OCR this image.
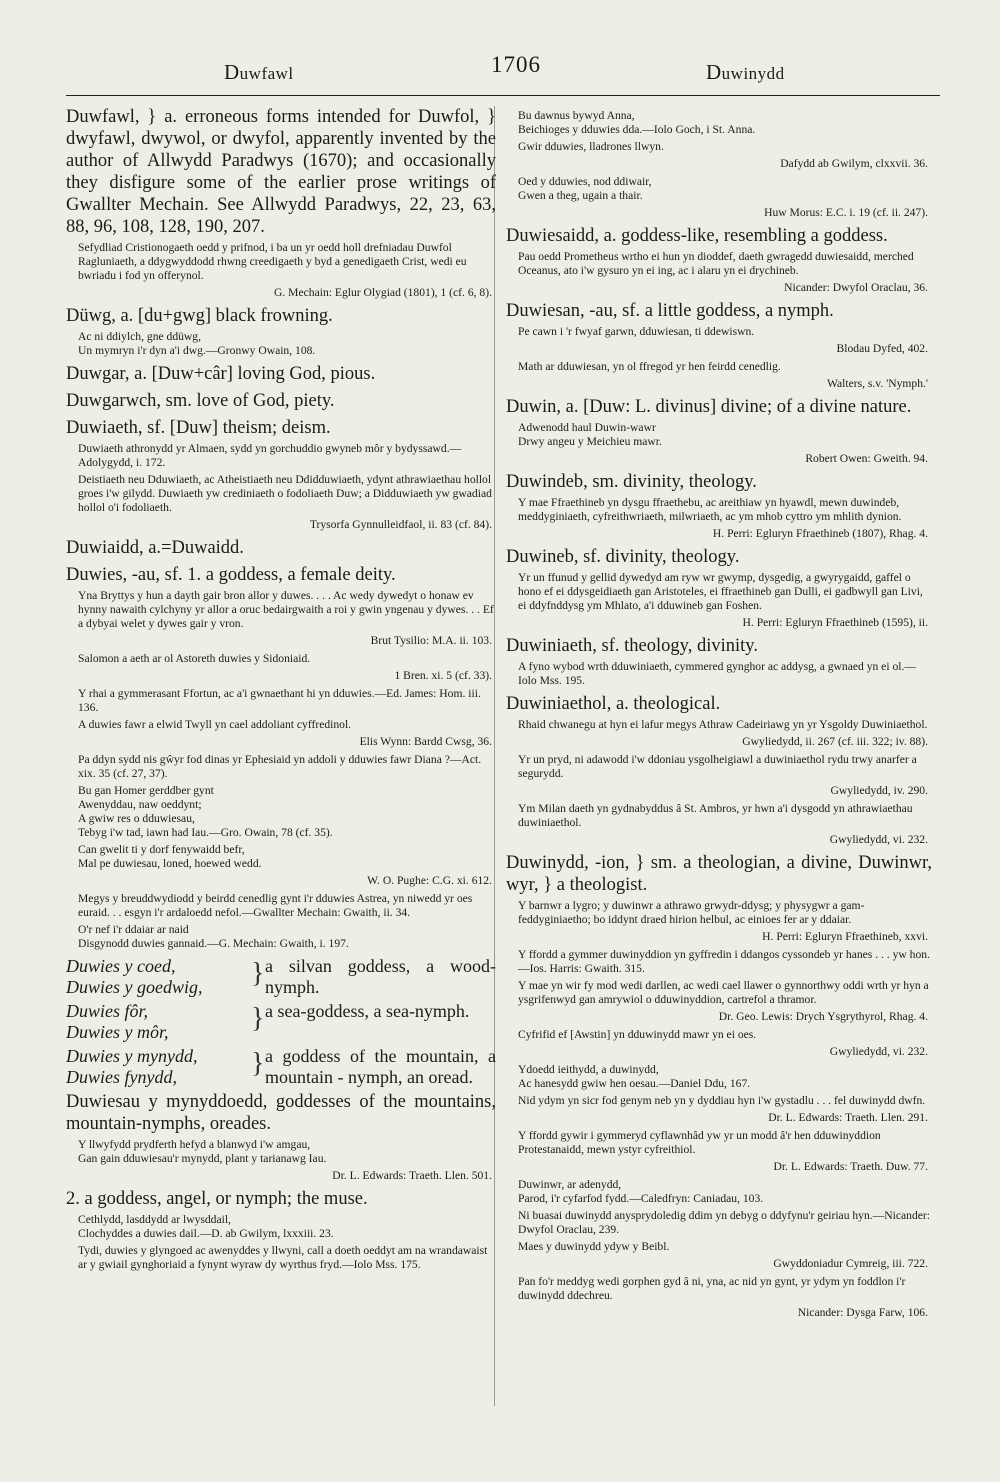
Duwfawl	1706	Duwinydd

Duwfawl, } a. erroneous forms intended for Duwfol, } dwyfawl, dwywol, or dwyfol, apparently invented by the author of Allwydd Paradwys (1670); and occasionally they disfigure some of the earlier prose writings of Gwallter Mechain. See Allwydd Paradwys, 22, 23, 63, 88, 96, 108, 128, 190, 207.

Sefydliad Cristionogaeth oedd y prifnod, i ba un yr oedd holl drefniadau Duwfol Ragluniaeth, a ddygwyddodd rhwng creedigaeth y byd a genedigaeth Crist, wedi eu bwriadu i fod yn offerynol.
G. Mechain: Eglur Olygiad (1801), 1 (cf. 6, 8).

Düwg, a. [du+gwg] black frowning.

Ac ni ddiylch, gne ddüwg,
Un mymryn i'r dyn a'i dwg.—Gronwy Owain, 108.

Duwgar, a. [Duw+câr] loving God, pious.

Duwgarwch, sm. love of God, piety.

Duwiaeth, sf. [Duw] theism; deism.

Duwiaeth athronydd yr Almaen, sydd yn gorchuddio gwyneb môr y bydyssawd.—Adolygydd, i. 172.
Deistiaeth neu Dduwiaeth, ac Atheistiaeth neu Ddidduwiaeth, ydynt athrawiaethau hollol groes i'w gilydd. Duwiaeth yw crediniaeth o fodoliaeth Duw; a Didduwiaeth yw gwadiad hollol o'i fodoliaeth.
Trysorfa Gynnulleidfaol, ii. 83 (cf. 84).

Duwiaidd, a.=Duwaidd.

Duwies, -au, sf. 1. a goddess, a female deity.

Yna Bryttys y hun a dayth gair bron allor y duwes. . . . Ac wedy dywedyt o honaw ev hynny nawaith cylchyny yr allor a oruc bedairgwaith a roi y gwin yngenau y dywes. . . Ef a dybyai welet y dywes gair y vron.
Brut Tysilio: M.A. ii. 103.
Salomon a aeth ar ol Astoreth duwies y Sidoniaid.
1 Bren. xi. 5 (cf. 33).
Y rhai a gymmerasant Ffortun, ac a'i gwnaethant hi yn dduwies.—Ed. James: Hom. iii. 136.
A duwies fawr a elwid Twyll yn cael addoliant cyffredinol.
Elis Wynn: Bardd Cwsg, 36.
Pa ddyn sydd nis gŵyr fod dinas yr Ephesiaid yn addoli y dduwies fawr Diana ?—Act. xix. 35 (cf. 27, 37).
Bu gan Homer gerddber gynt
Awenyddau, naw oeddynt;
A gwiw res o dduwiesau,
Tebyg i'w tad, iawn had Iau.—Gro. Owain, 78 (cf. 35).
Can gwelit ti y dorf fenywaidd befr,
Mal pe duwiesau, loned, hoewed wedd.
W. O. Pughe: C.G. xi. 612.
Megys y breuddwydiodd y beirdd cenedlig gynt i'r dduwies Astrea, yn niwedd yr oes euraid. . . esgyn i'r ardaloedd nefol.—Gwallter Mechain: Gwaith, ii. 34.
O'r nef i'r ddaiar ar naid
Disgynodd duwies gannaid.—G. Mechain: Gwaith, i. 197.
Duwies y coed,
Duwies y goedwig,	} a silvan goddess, a wood-nymph.
Duwies fôr,
Duwies y môr,	} a sea-goddess, a sea-nymph.
Duwies y mynydd,
Duwies fynydd,	} a goddess of the mountain, a mountain - nymph, an oread.

Duwiesau y mynyddoedd, goddesses of the mountains, mountain-nymphs, oreades.

Y llwyfydd prydferth hefyd a blanwyd i'w amgau,
Gan gain dduwiesau'r mynydd, plant y tarianawg Iau.
Dr. L. Edwards: Traeth. Llen. 501.

2. a goddess, angel, or nymph; the muse.

Cethlydd, lasddydd ar lwysddail,
Clochyddes a duwies dail.—D. ab Gwilym, lxxxiii. 23.
Tydi, duwies y glyngoed ac awenyddes y llwyni, call a doeth oeddyt am na wrandawaist ar y gwiail gynghoriaid a fynynt wyraw dy wyrthus fryd.—Iolo Mss. 175.
Bu dawnus bywyd Anna,
Beichioges y dduwies dda.—Iolo Goch, i St. Anna.
Gwir dduwies, lladrones llwyn.
Dafydd ab Gwilym, clxxvii. 36.
Oed y dduwies, nod ddiwair,
Gwen a theg, ugain a thair.
Huw Morus: E.C. i. 19 (cf. ii. 247).

Duwiesaidd, a. goddess-like, resembling a goddess.

Pau oedd Prometheus wrtho ei hun yn dioddef, daeth gwragedd duwiesaidd, merched Oceanus, ato i'w gysuro yn ei ing, ac i alaru yn ei drychineb.
Nicander: Dwyfol Oraclau, 36.

Duwiesan, -au, sf. a little goddess, a nymph.

Pe cawn i 'r fwyaf garwn, dduwiesan, ti ddewiswn.
Blodau Dyfed, 402.
Math ar dduwiesan, yn ol ffregod yr hen feirdd cenedlig.
Walters, s.v. 'Nymph.'

Duwin, a. [Duw: L. divinus] divine; of a divine nature.

Adwenodd haul Duwin-wawr
Drwy angeu y Meichieu mawr.
Robert Owen: Gweith. 94.

Duwindeb, sm. divinity, theology.

Y mae Ffraethineb yn dysgu ffraethebu, ac areithiaw yn hyawdl, mewn duwindeb, meddyginiaeth, cyfreithwriaeth, milwriaeth, ac ym mhob cyttro ym mhlith dynion.
H. Perri: Egluryn Ffraethineb (1807), Rhag. 4.

Duwineb, sf. divinity, theology.

Yr un ffunud y gellid dywedyd am ryw wr gwymp, dysgedig, a gwyrygaidd, gaffel o hono ef ei ddysgeidiaeth gan Aristoteles, ei ffraethineb gan Dulli, ei gadbwyll gan Livi, ei ddyfnddysg ym Mhlato, a'i dduwineb gan Foshen.
H. Perri: Egluryn Ffraethineb (1595), ii.

Duwiniaeth, sf. theology, divinity.

A fyno wybod wrth dduwiniaeth, cymmered gynghor ac addysg, a gwnaed yn ei ol.—Iolo Mss. 195.

Duwiniaethol, a. theological.

Rhaid chwanegu at hyn ei lafur megys Athraw Cadeiriawg yn yr Ysgoldy Duwiniaethol.
Gwyliedydd, ii. 267 (cf. iii. 322; iv. 88).
Yr un pryd, ni adawodd i'w ddoniau ysgolheigiawl a duwiniaethol rydu trwy anarfer a segurydd.
Gwyliedydd, iv. 290.
Ym Milan daeth yn gydnabyddus â St. Ambros, yr hwn a'i dysgodd yn athrawiaethau duwiniaethol.
Gwyliedydd, vi. 232.

Duwinydd, -ion, } sm. a theologian, a divine, Duwinwr, wyr, } a theologist.

Y barnwr a lygro; y duwinwr a athrawo grwydr-ddysg; y physygwr a gam-feddyginiaetho; bo iddynt draed hirion helbul, ac einioes fer ar y ddaiar.
H. Perri: Egluryn Ffraethineb, xxvi.
Y ffordd a gymmer duwinyddion yn gyffredin i ddangos cyssondeb yr hanes . . . yw hon.—Ios. Harris: Gwaith. 315.
Y mae yn wir fy mod wedi darllen, ac wedi cael llawer o gynnorthwy oddi wrth yr hyn a ysgrifenwyd gan amrywiol o dduwinyddion, cartrefol a thramor.
Dr. Geo. Lewis: Drych Ysgrythyrol, Rhag. 4.
Cyfrifid ef [Awstin] yn dduwinydd mawr yn ei oes.
Gwyliedydd, vi. 232.
Ydoedd ieithydd, a duwinydd,
Ac hanesydd gwiw hen oesau.—Daniel Ddu, 167.
Nid ydym yn sicr fod genym neb yn y dyddiau hyn i'w gystadlu . . . fel duwinydd dwfn.
Dr. L. Edwards: Traeth. Llen. 291.
Y ffordd gywir i gymmeryd cyflawnhâd yw yr un modd â'r hen dduwinyddion Protestanaidd, mewn ystyr cyfreithiol.
Dr. L. Edwards: Traeth. Duw. 77.
Duwinwr, ar adenydd,
Parod, i'r cyfarfod fydd.—Caledfryn: Caniadau, 103.
Ni buasai duwinydd anysprydoledig ddim yn debyg o ddyfynu'r geiriau hyn.—Nicander: Dwyfol Oraclau, 239.
Maes y duwinydd ydyw y Beibl.
Gwyddoniadur Cymreig, iii. 722.
Pan fo'r meddyg wedi gorphen gyd â ni, yna, ac nid yn gynt, yr ydym yn foddlon i'r duwinydd ddechreu.
Nicander: Dysga Farw, 106.
